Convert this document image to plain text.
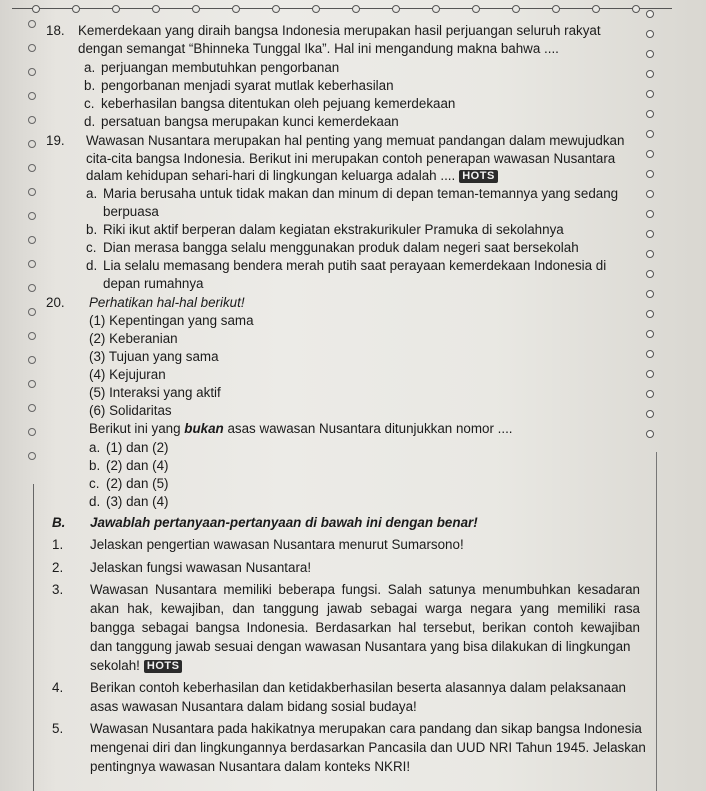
18. Kemerdekaan yang diraih bangsa Indonesia merupakan hasil perjuangan seluruh rakyat
dengan semangat “Bhinneka Tunggal Ika”. Hal ini mengandung makna bahwa ....
a. perjuangan membutuhkan pengorbanan
b. pengorbanan menjadi syarat mutlak keberhasilan
c. keberhasilan bangsa ditentukan oleh pejuang kemerdekaan
d. persatuan bangsa merupakan kunci kemerdekaan
19. Wawasan Nusantara merupakan hal penting yang memuat pandangan dalam mewujudkan
cita-cita bangsa Indonesia. Berikut ini merupakan contoh penerapan wawasan Nusantara
dalam kehidupan sehari-hari di lingkungan keluarga adalah .... HOTS
a. Maria berusaha untuk tidak makan dan minum di depan teman-temannya yang sedang
berpuasa
b. Riki ikut aktif berperan dalam kegiatan ekstrakurikuler Pramuka di sekolahnya
c. Dian merasa bangga selalu menggunakan produk dalam negeri saat bersekolah
d. Lia selalu memasang bendera merah putih saat perayaan kemerdekaan Indonesia di
depan rumahnya
20. Perhatikan hal-hal berikut!
(1) Kepentingan yang sama
(2) Keberanian
(3) Tujuan yang sama
(4) Kejujuran
(5) Interaksi yang aktif
(6) Solidaritas
Berikut ini yang bukan asas wawasan Nusantara ditunjukkan nomor ....
a. (1) dan (2)
b. (2) dan (4)
c. (2) dan (5)
d. (3) dan (4)
B. Jawablah pertanyaan-pertanyaan di bawah ini dengan benar!
1. Jelaskan pengertian wawasan Nusantara menurut Sumarsono!
2. Jelaskan fungsi wawasan Nusantara!
3. Wawasan Nusantara memiliki beberapa fungsi. Salah satunya menumbuhkan kesadaran
akan hak, kewajiban, dan tanggung jawab sebagai warga negara yang memiliki rasa
bangga sebagai bangsa Indonesia. Berdasarkan hal tersebut, berikan contoh kewajiban
dan tanggung jawab sesuai dengan wawasan Nusantara yang bisa dilakukan di lingkungan
sekolah! HOTS
4. Berikan contoh keberhasilan dan ketidakberhasilan beserta alasannya dalam pelaksanaan
asas wawasan Nusantara dalam bidang sosial budaya!
5. Wawasan Nusantara pada hakikatnya merupakan cara pandang dan sikap bangsa Indonesia
mengenai diri dan lingkungannya berdasarkan Pancasila dan UUD NRI Tahun 1945. Jelaskan
pentingnya wawasan Nusantara dalam konteks NKRI!
